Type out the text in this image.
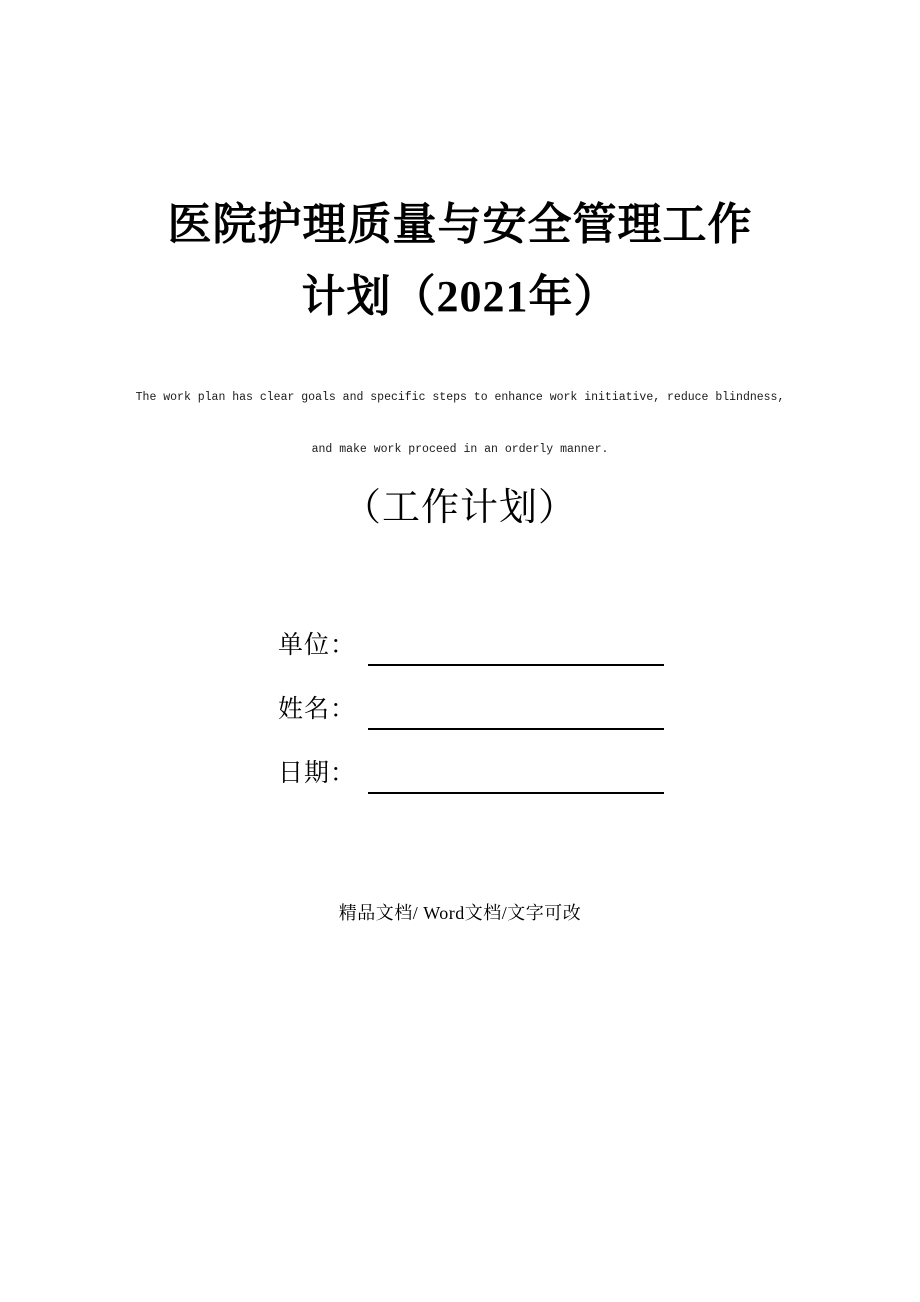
医院护理质量与安全管理工作
计划（2021年）
The work plan has clear goals and specific steps to enhance work initiative, reduce blindness,
and make work proceed in an orderly manner.
（工作计划）
单位：
姓名：
日期：
精品文档/ Word文档/文字可改
